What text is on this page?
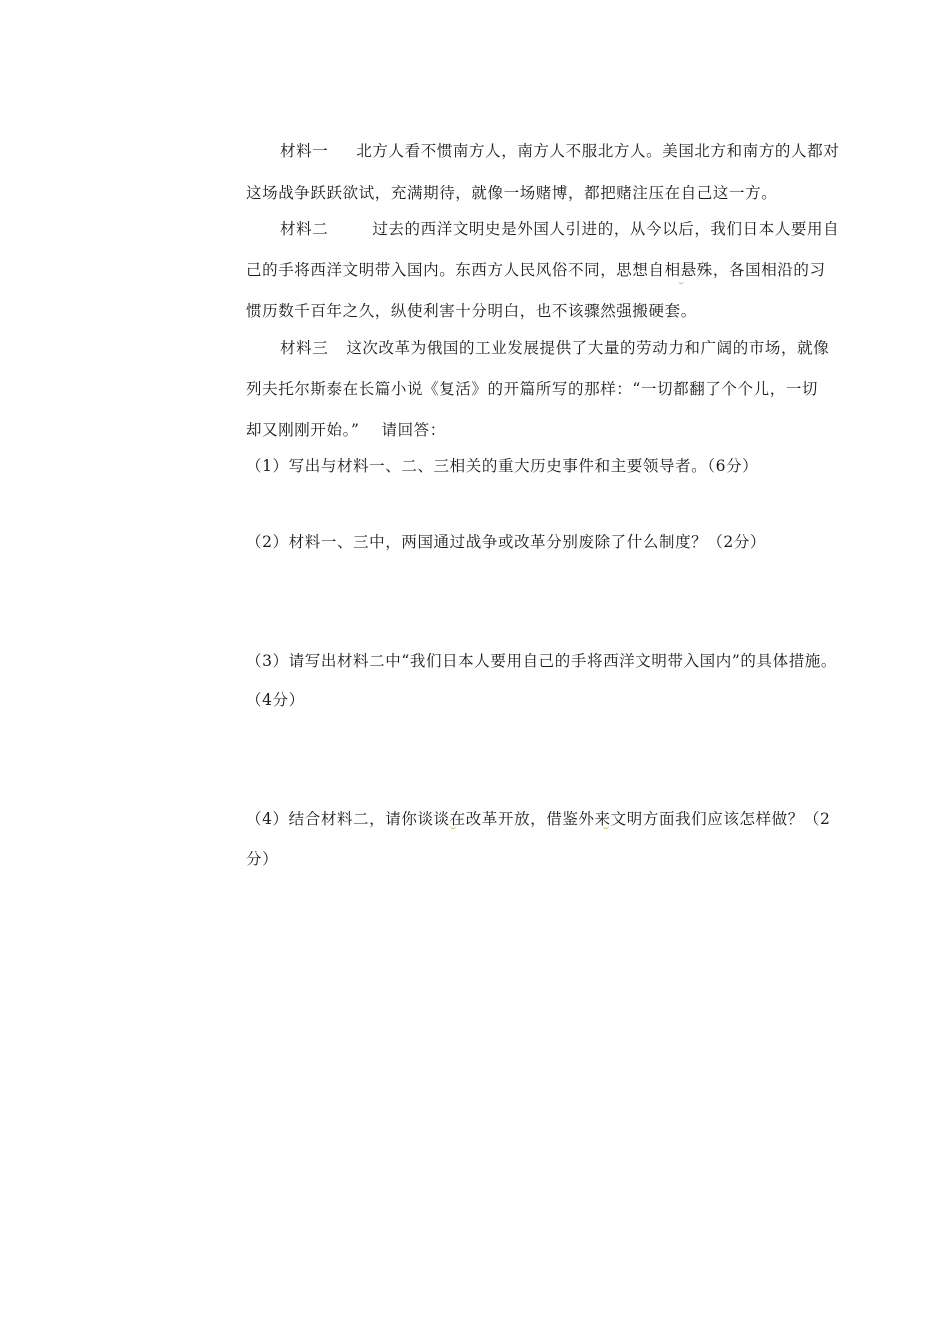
材料一 北方人看不惯南方人，南方人不服北方人。美国北方和南方的人都对
这场战争跃跃欲试，充满期待，就像一场赌博，都把赌注压在自己这一方。
材料二	过去的西洋文明史是外国人引进的，从今以后，我们日本人要用自
己的手将西洋文明带入国内。东西方人民风俗不同，思想自相悬殊，各国相沿的习
惯历数千百年之久，纵使利害十分明白，也不该骤然强搬硬套。
材料三 这次改革为俄国的工业发展提供了大量的劳动力和广阔的市场，就像
列夫托尔斯泰在长篇小说《复活》的开篇所写的那样：“一切都翻了个个儿，一切
却又刚刚开始。” 请回答：
（1）写出与材料一、二、三相关的重大历史事件和主要领导者。（6分）
（2）材料一、三中，两国通过战争或改革分别废除了什么制度？（2分）
（3）请写出材料二中“我们日本人要用自己的手将西洋文明带入国内”的具体措施。
（4分）
（4）结合材料二，请你谈谈在改革开放，借鉴外来文明方面我们应该怎样做？（2
分）
